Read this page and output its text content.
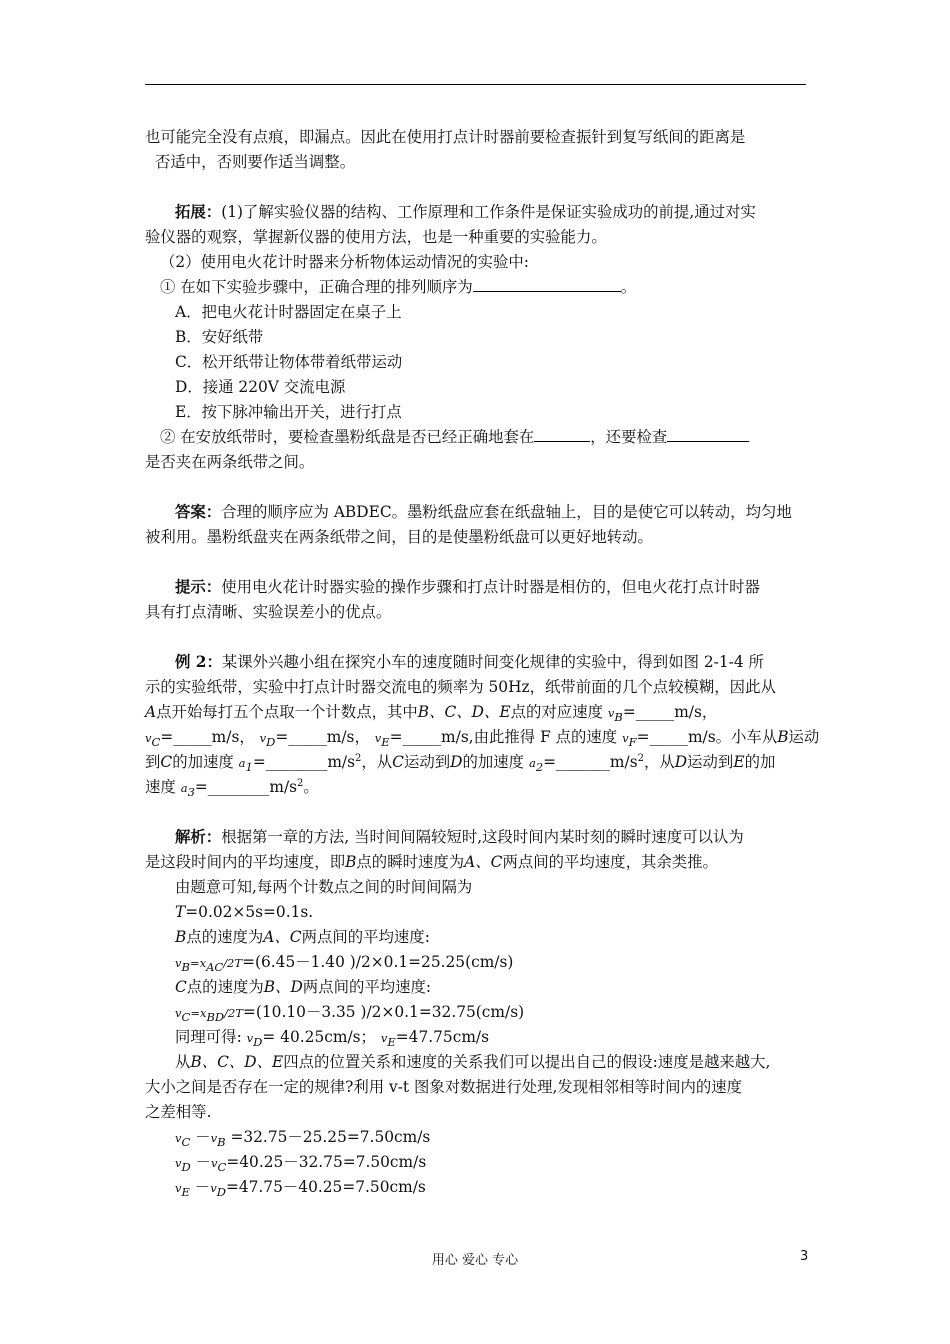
也可能完全没有点痕，即漏点。因此在使用打点计时器前要检查振针到复写纸间的距离是
否适中，否则要作适当调整。
拓展：(1)了解实验仪器的结构、工作原理和工作条件是保证实验成功的前提,通过对实
验仪器的观察，掌握新仪器的使用方法，也是一种重要的实验能力。
（2）使用电火花计时器来分析物体运动情况的实验中:
① 在如下实验步骤中，正确合理的排列顺序为	。
A．把电火花计时器固定在桌子上
B．安好纸带
C．松开纸带让物体带着纸带运动
D．接通 220V 交流电源
E．按下脉冲输出开关，进行打点
② 在安放纸带时，要检查墨粉纸盘是否已经正确地套在	，还要检查
是否夹在两条纸带之间。
答案：合理的顺序应为 ABDEC。墨粉纸盘应套在纸盘轴上，目的是使它可以转动，均匀地
被利用。墨粉纸盘夹在两条纸带之间，目的是使墨粉纸盘可以更好地转动。
提示：使用电火花计时器实验的操作步骤和打点计时器是相仿的，但电火花打点计时器
具有打点清晰、实验误差小的优点。
例 2：某课外兴趣小组在探究小车的速度随时间变化规律的实验中，得到如图 2-1-4 所
示的实验纸带，实验中打点计时器交流电的频率为 50Hz，纸带前面的几个点较模糊，因此从
A点开始每打五个点取一个计数点，其中B、C、D、E点的对应速度 $v_B=\_\_\_\_\_m/s$，
$v_C=\_\_\_\_\_m/s$， $v_D=\_\_\_\_\_m/s$， $v_E=\_\_\_\_\_m/s$,由此推得 F 点的速度 $v_F=\_\_\_\_\_m/s$。小车从B运动
到C的加速度 $a_1=\_\_\_\_\_\_\_\_m/s^2$，从C运动到D的加速度 $a_2=\_\_\_\_\_\_\_m/s^2$，从D运动到E的加
速度 $a_3=\_\_\_\_\_\_\_\_m/s^2$。
解析：根据第一章的方法, 当时间间隔较短时,这段时间内某时刻的瞬时速度可以认为
是这段时间内的平均速度，即B点的瞬时速度为A、C两点间的平均速度，其余类推。
由题意可知,每两个计数点之间的时间间隔为
T=0.02×5s=0.1s.
B点的速度为A、C两点间的平均速度:
$v_B=x_{AC}/2T=(6.45-1.40$ )/2×0.1=25.25(cm/s)
C点的速度为B、D两点间的平均速度:
$v_C=x_{BD}/2T=(10.10-3.35$ )/2×0.1=32.75(cm/s)
同理可得: $v_D= 40.25cm/s$； $v_E=47.75cm/s$
从B、C、D、E四点的位置关系和速度的关系我们可以提出自己的假设:速度是越来越大,
大小之间是否存在一定的规律?利用 v-t 图象对数据进行处理,发现相邻相等时间内的速度
之差相等.
$v_C -v_B =32.75-25.25=7.50cm/s$
$v_D -v_C=40.25-32.75=7.50cm/s$
$v_E -v_D=47.75-40.25=7.50cm/s$
用心 爱心 专心	3
